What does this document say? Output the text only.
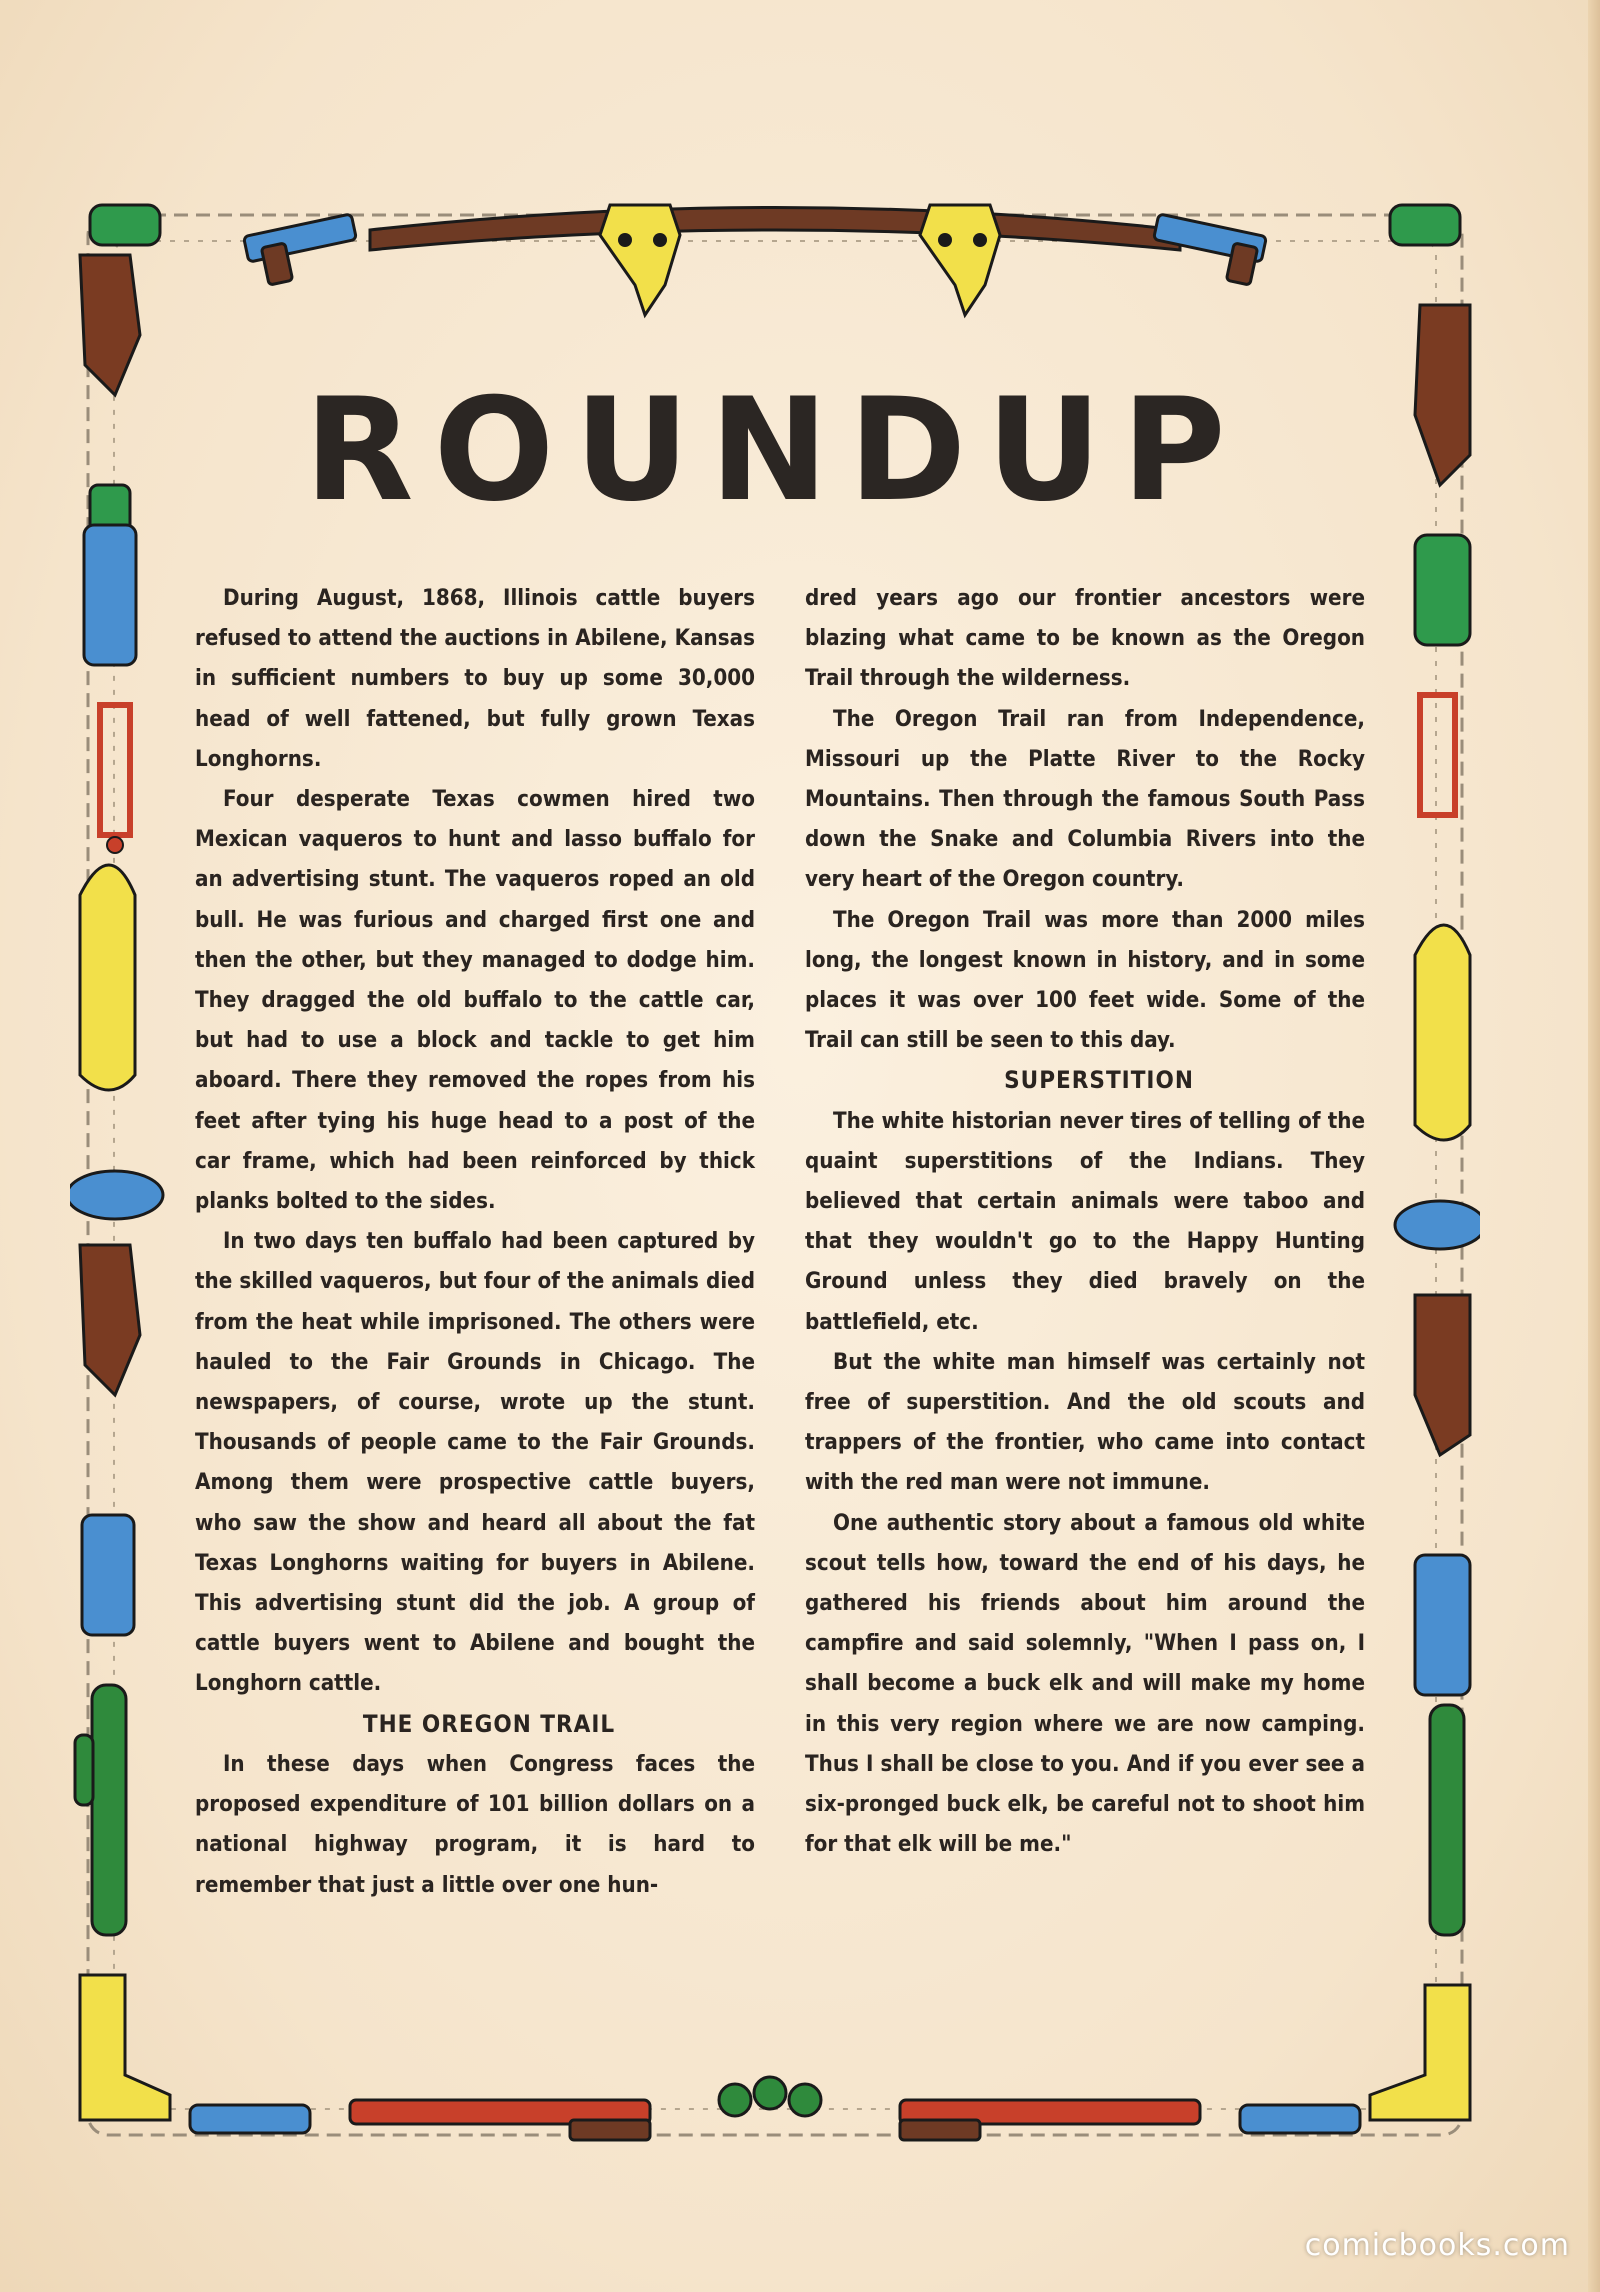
ROUNDUP

During August, 1868, Illinois cattle buyers refused to attend the auctions in Abilene, Kansas in sufficient numbers to buy up some 30,000 head of well fattened, but fully grown Texas Longhorns.

Four desperate Texas cowmen hired two Mexican vaqueros to hunt and lasso buffalo for an advertising stunt. The vaqueros roped an old bull. He was furious and charged first one and then the other, but they managed to dodge him. They dragged the old buffalo to the cattle car, but had to use a block and tackle to get him aboard. There they removed the ropes from his feet after tying his huge head to a post of the car frame, which had been reinforced by thick planks bolted to the sides.

In two days ten buffalo had been captured by the skilled vaqueros, but four of the animals died from the heat while imprisoned. The others were hauled to the Fair Grounds in Chicago. The newspapers, of course, wrote up the stunt. Thousands of people came to the Fair Grounds. Among them were prospective cattle buyers, who saw the show and heard all about the fat Texas Longhorns waiting for buyers in Abilene. This advertising stunt did the job. A group of cattle buyers went to Abilene and bought the Longhorn cattle.

THE OREGON TRAIL

In these days when Congress faces the proposed expenditure of 101 billion dollars on a national highway program, it is hard to remember that just a little over one hun-

dred years ago our frontier ancestors were blazing what came to be known as the Oregon Trail through the wilderness.

The Oregon Trail ran from Independence, Missouri up the Platte River to the Rocky Mountains. Then through the famous South Pass down the Snake and Columbia Rivers into the very heart of the Oregon country.

The Oregon Trail was more than 2000 miles long, the longest known in history, and in some places it was over 100 feet wide. Some of the Trail can still be seen to this day.

SUPERSTITION

The white historian never tires of telling of the quaint superstitions of the Indians. They believed that certain animals were taboo and that they wouldn't go to the Happy Hunting Ground unless they died bravely on the battlefield, etc.

But the white man himself was certainly not free of superstition. And the old scouts and trappers of the frontier, who came into contact with the red man were not immune.

One authentic story about a famous old white scout tells how, toward the end of his days, he gathered his friends about him around the campfire and said solemnly, "When I pass on, I shall become a buck elk and will make my home in this very region where we are now camping. Thus I shall be close to you. And if you ever see a six-pronged buck elk, be careful not to shoot him for that elk will be me."

comicbooks.com
